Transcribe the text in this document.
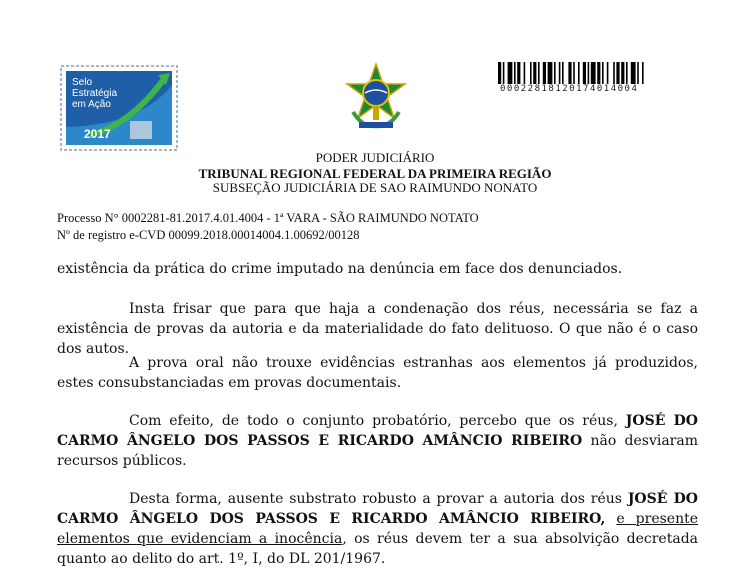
Selo
Estratégia
em Ação
2017
00022818120174014004
PODER JUDICIÁRIO
TRIBUNAL REGIONAL FEDERAL DA PRIMEIRA REGIÃO
SUBSEÇÃO JUDICIÁRIA DE SAO RAIMUNDO NONATO
Processo N° 0002281-81.2017.4.01.4004 - 1ª VARA - SÃO RAIMUNDO NOTATO
Nº de registro e-CVD 00099.2018.00014004.1.00692/00128

existência da prática do crime imputado na denúncia em face dos denunciados.

Insta frisar que para que haja a condenação dos réus, necessária se faz a existência de provas da autoria e da materialidade do fato delituoso. O que não é o caso dos autos.

A prova oral não trouxe evidências estranhas aos elementos já produzidos, estes consubstanciadas em provas documentais.

Com efeito, de todo o conjunto probatório, percebo que os réus, JOSÉ DO CARMO ÂNGELO DOS PASSOS E RICARDO AMÂNCIO RIBEIRO não desviaram recursos públicos.

Desta forma, ausente substrato robusto a provar a autoria dos réus JOSÉ DO CARMO ÂNGELO DOS PASSOS E RICARDO AMÂNCIO RIBEIRO, e presente elementos que evidenciam a inocência, os réus devem ter a sua absolvição decretada quanto ao delito do art. 1º, I, do DL 201/1967.
